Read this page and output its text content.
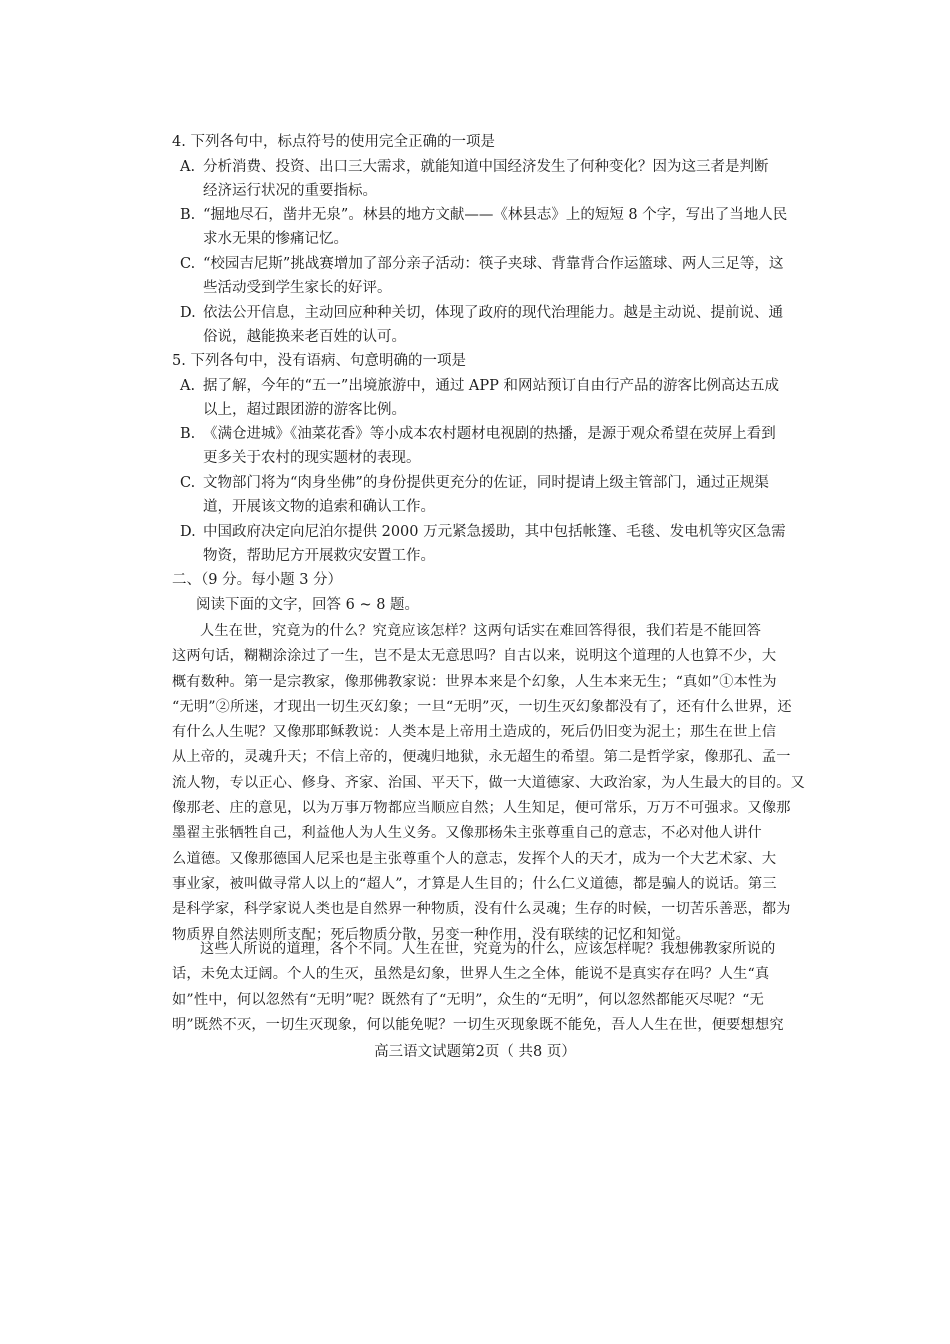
4. 下列各句中，标点符号的使用完全正确的一项是
A. 分析消费、投资、出口三大需求，就能知道中国经济发生了何种变化？因为这三者是判断
经济运行状况的重要指标。
B. “掘地尽石，凿井无泉”。林县的地方文献——《林县志》上的短短 8 个字，写出了当地人民
求水无果的惨痛记忆。
C. “校园吉尼斯”挑战赛增加了部分亲子活动：筷子夹球、背靠背合作运篮球、两人三足等，这
些活动受到学生家长的好评。
D. 依法公开信息，主动回应种种关切，体现了政府的现代治理能力。越是主动说、提前说、通
俗说，越能换来老百姓的认可。
5. 下列各句中，没有语病、句意明确的一项是
A. 据了解，今年的“五一”出境旅游中，通过 APP 和网站预订自由行产品的游客比例高达五成
以上，超过跟团游的游客比例。
B. 《满仓进城》《油菜花香》等小成本农村题材电视剧的热播，是源于观众希望在荧屏上看到
更多关于农村的现实题材的表现。
C. 文物部门将为“肉身坐佛”的身份提供更充分的佐证，同时提请上级主管部门，通过正规渠
道，开展该文物的追索和确认工作。
D. 中国政府决定向尼泊尔提供 2000 万元紧急援助，其中包括帐篷、毛毯、发电机等灾区急需
物资，帮助尼方开展救灾安置工作。
二、（9 分。每小题 3 分）
阅读下面的文字，回答 6 ~ 8 题。
人生在世，究竟为的什么？究竟应该怎样？这两句话实在难回答得很，我们若是不能回答
这两句话，糊糊涂涂过了一生，岂不是太无意思吗？自古以来，说明这个道理的人也算不少，大
概有数种。第一是宗教家，像那佛教家说：世界本来是个幻象，人生本来无生；“真如”①本性为
“无明”②所迷，才现出一切生灭幻象；一旦“无明”灭，一切生灭幻象都没有了，还有什么世界，还
有什么人生呢？又像那耶稣教说：人类本是上帝用土造成的，死后仍旧变为泥土；那生在世上信
从上帝的，灵魂升天；不信上帝的，便魂归地狱，永无超生的希望。第二是哲学家，像那孔、孟一
流人物，专以正心、修身、齐家、治国、平天下，做一大道德家、大政治家，为人生最大的目的。又
像那老、庄的意见，以为万事万物都应当顺应自然；人生知足，便可常乐，万万不可强求。又像那
墨翟主张牺牲自己，利益他人为人生义务。又像那杨朱主张尊重自己的意志，不必对他人讲什
么道德。又像那德国人尼采也是主张尊重个人的意志，发挥个人的天才，成为一个大艺术家、大
事业家，被叫做寻常人以上的“超人”，才算是人生目的；什么仁义道德，都是骗人的说话。第三
是科学家，科学家说人类也是自然界一种物质，没有什么灵魂；生存的时候，一切苦乐善恶，都为
物质界自然法则所支配；死后物质分散，另变一种作用，没有联续的记忆和知觉。
这些人所说的道理，各个不同。人生在世，究竟为的什么，应该怎样呢？我想佛教家所说的
话，未免太迂阔。个人的生灭，虽然是幻象，世界人生之全体，能说不是真实存在吗？人生“真
如”性中，何以忽然有“无明”呢？既然有了“无明”，众生的“无明”，何以忽然都能灭尽呢？“无
明”既然不灭，一切生灭现象，何以能免呢？一切生灭现象既不能免，吾人人生在世，便要想想究
高三语文试题第2页（ 共8 页）
